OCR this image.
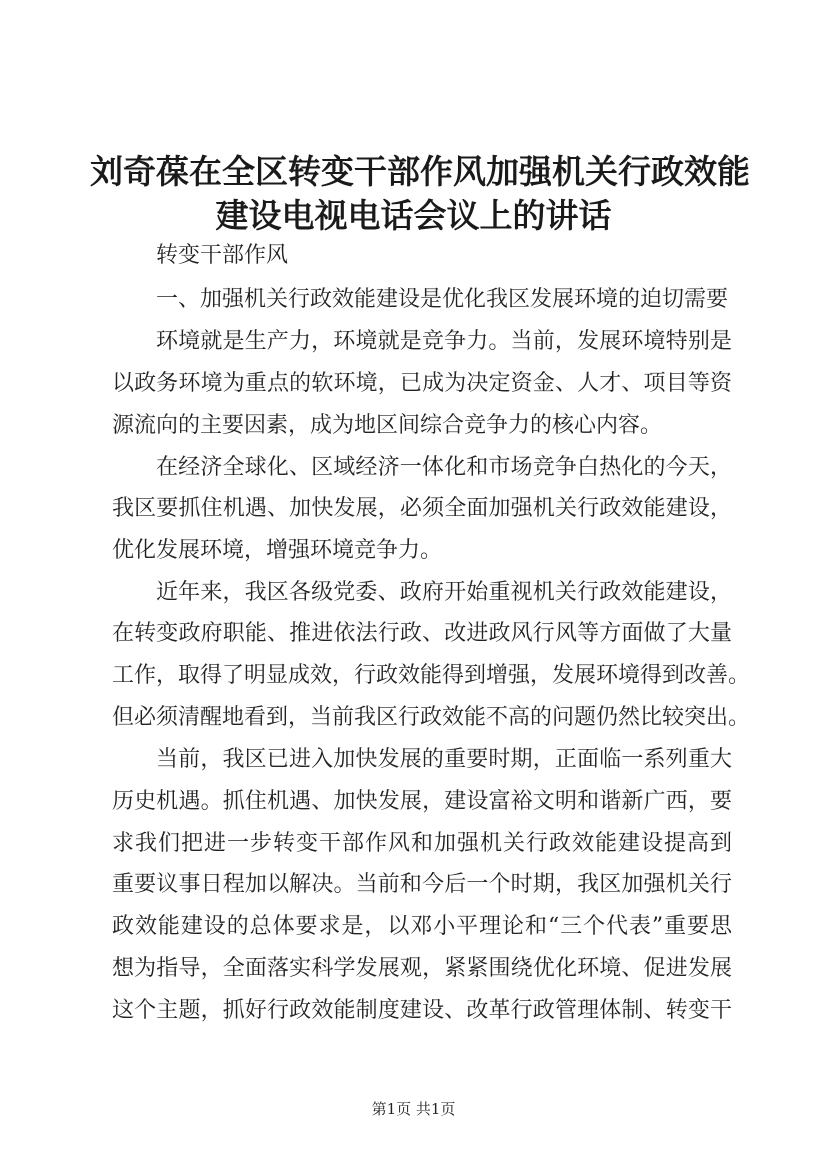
刘奇葆在全区转变干部作风加强机关行政效能
建设电视电话会议上的讲话
转变干部作风
一、加强机关行政效能建设是优化我区发展环境的迫切需要
环境就是生产力，环境就是竞争力。当前，发展环境特别是
以政务环境为重点的软环境，已成为决定资金、人才、项目等资
源流向的主要因素，成为地区间综合竞争力的核心内容。
在经济全球化、区域经济一体化和市场竞争白热化的今天，
我区要抓住机遇、加快发展，必须全面加强机关行政效能建设，
优化发展环境，增强环境竞争力。
近年来，我区各级党委、政府开始重视机关行政效能建设，
在转变政府职能、推进依法行政、改进政风行风等方面做了大量
工作，取得了明显成效，行政效能得到增强，发展环境得到改善。
但必须清醒地看到，当前我区行政效能不高的问题仍然比较突出。
当前，我区已进入加快发展的重要时期，正面临一系列重大
历史机遇。抓住机遇、加快发展，建设富裕文明和谐新广西，要
求我们把进一步转变干部作风和加强机关行政效能建设提高到
重要议事日程加以解决。当前和今后一个时期，我区加强机关行
政效能建设的总体要求是，以邓小平理论和“三个代表”重要思
想为指导，全面落实科学发展观，紧紧围绕优化环境、促进发展
这个主题，抓好行政效能制度建设、改革行政管理体制、转变干
第1页 共1页
